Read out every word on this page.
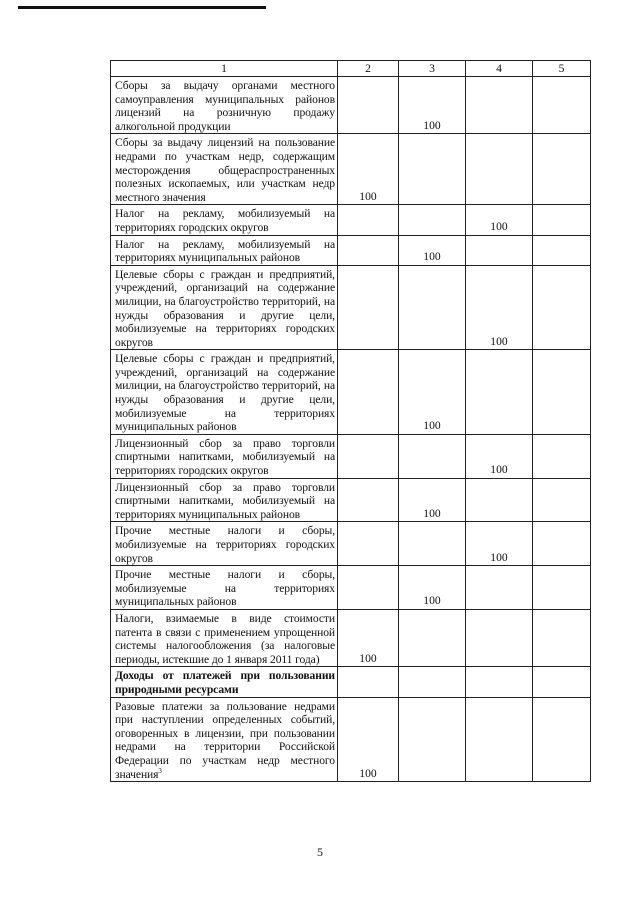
1	2	3	4	5
Сборы за выдачу органами местного самоуправления муниципальных районов лицензий на розничную продажу алкогольной продукции		100		
Сборы за выдачу лицензий на пользование недрами по участкам недр, содержащим месторождения общераспространенных полезных ископаемых, или участкам недр местного значения	100			
Налог на рекламу, мобилизуемый на территориях городских округов			100	
Налог на рекламу, мобилизуемый на территориях муниципальных районов		100		
Целевые сборы с граждан и предприятий, учреждений, организаций на содержание милиции, на благоустройство территорий, на нужды образования и другие цели, мобилизуемые на территориях городских округов			100	
Целевые сборы с граждан и предприятий, учреждений, организаций на содержание милиции, на благоустройство территорий, на нужды образования и другие цели, мобилизуемые на территориях муниципальных районов		100		
Лицензионный сбор за право торговли спиртными напитками, мобилизуемый на территориях городских округов			100	
Лицензионный сбор за право торговли спиртными напитками, мобилизуемый на территориях муниципальных районов		100		
Прочие местные налоги и сборы, мобилизуемые на территориях городских округов			100	
Прочие местные налоги и сборы, мобилизуемые на территориях муниципальных районов		100		
Налоги, взимаемые в виде стоимости патента в связи с применением упрощенной системы налогообложения (за налоговые периоды, истекшие до 1 января 2011 года)	100			
Доходы от платежей при пользовании природными ресурсами				
Разовые платежи за пользование недрами при наступлении определенных событий, оговоренных в лицензии, при пользовании недрами на территории Российской Федерации по участкам недр местного значения$^3$	100			
5
